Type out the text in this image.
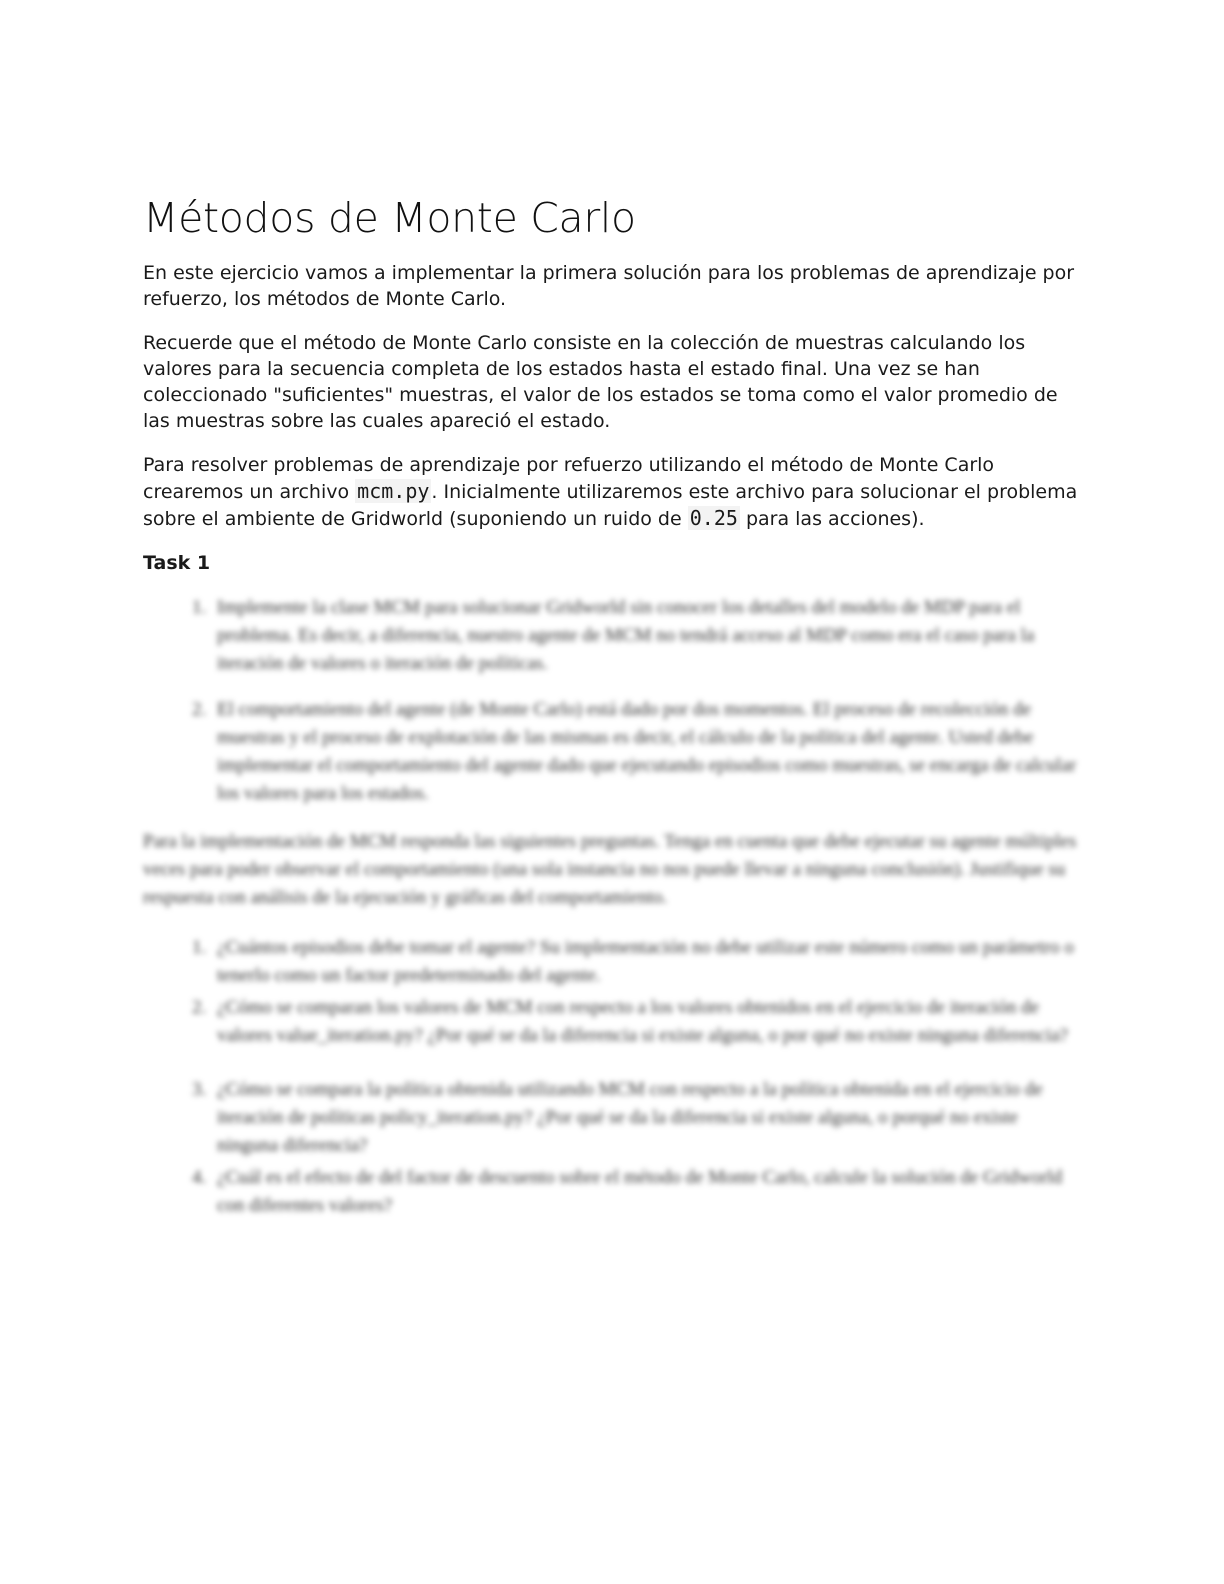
Métodos de Monte Carlo

En este ejercicio vamos a implementar la primera solución para los problemas de aprendizaje por refuerzo, los métodos de Monte Carlo.

Recuerde que el método de Monte Carlo consiste en la colección de muestras calculando los valores para la secuencia completa de los estados hasta el estado final. Una vez se han coleccionado "suficientes" muestras, el valor de los estados se toma como el valor promedio de las muestras sobre las cuales apareció el estado.

Para resolver problemas de aprendizaje por refuerzo utilizando el método de Monte Carlo crearemos un archivo mcm.py . Inicialmente utilizaremos este archivo para solucionar el problema sobre el ambiente de Gridworld (suponiendo un ruido de 0.25 para las acciones).

Task 1
1. Implemente la clase MCM para solucionar Gridworld sin conocer los detalles del modelo de MDP para el problema. Es decir, a diferencia, nuestro agente de MCM no tendrá acceso al MDP como era el caso para la iteración de valores o iteración de políticas.
2. El comportamiento del agente (de Monte Carlo) está dado por dos momentos. El proceso de recolección de muestras y el proceso de explotación de las mismas es decir, el cálculo de la política del agente. Usted debe implementar el comportamiento del agente dado que ejecutando episodios como muestras, se encarga de calcular los valores para los estados.

Para la implementación de MCM responda las siguientes preguntas. Tenga en cuenta que debe ejecutar su agente múltiples veces para poder observar el comportamiento (una sola instancia no nos puede llevar a ninguna conclusión). Justifique su respuesta con análisis de la ejecución y gráficas del comportamiento.

1. ¿Cuántos episodios debe tomar el agente? Su implementación no debe utilizar este número como un parámetro o tenerlo como un factor predeterminado del agente.
2. ¿Cómo se comparan los valores de MCM con respecto a los valores obtenidos en el ejercicio de iteración de valores value_iteration.py? ¿Por qué se da la diferencia si existe alguna, o por qué no existe ninguna diferencia?
3. ¿Cómo se compara la política obtenida utilizando MCM con respecto a la política obtenida en el ejercicio de iteración de políticas policy_iteration.py? ¿Por qué se da la diferencia si existe alguna, o porqué no existe ninguna diferencia?
4. ¿Cuál es el efecto de del factor de descuento sobre el método de Monte Carlo, calcule la solución de Gridworld con diferentes valores?
